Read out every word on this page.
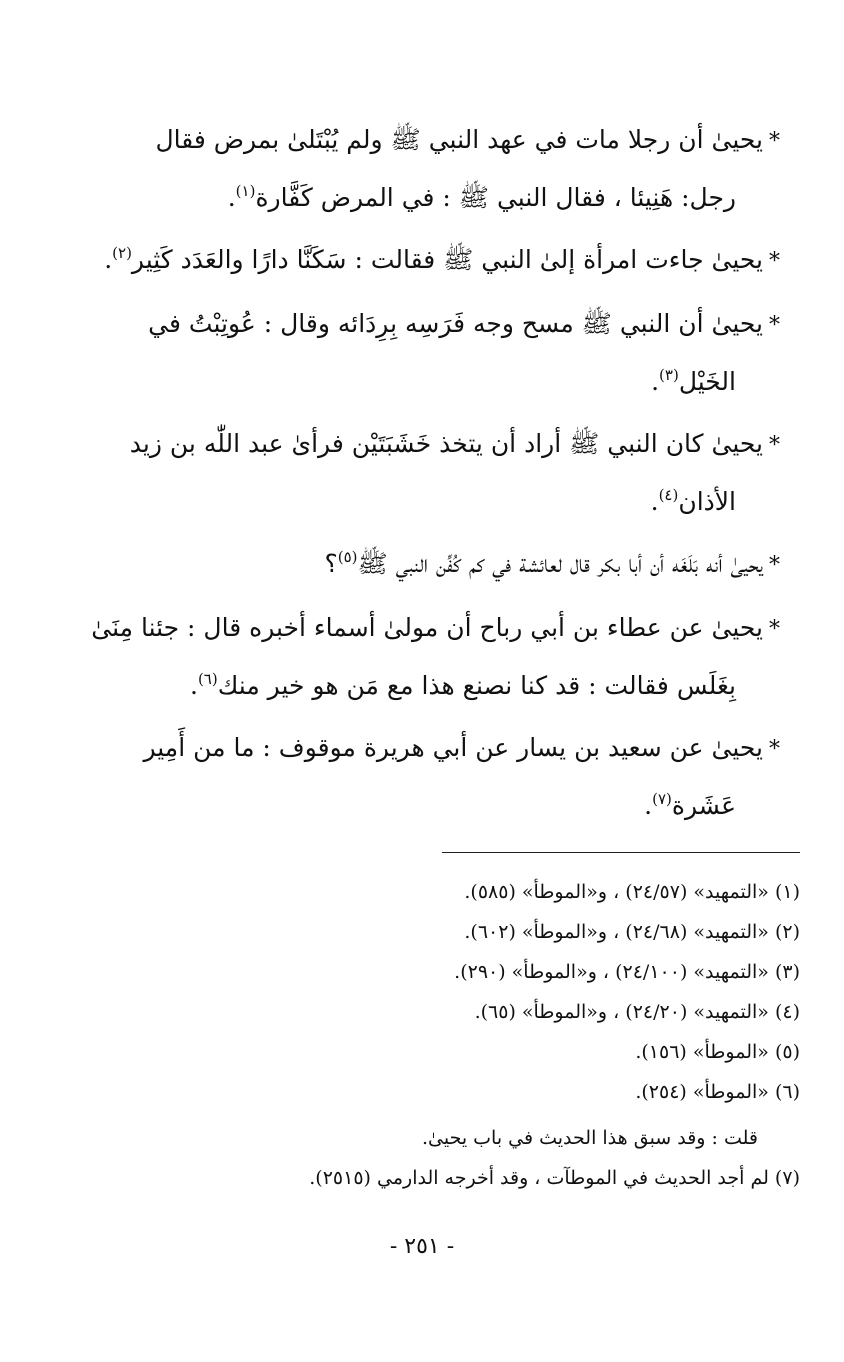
*يحيىٰ أن رجلا مات في عهد النبي ﷺ ولم يُبْتَلىٰ بمرض فقال
رجل: هَنِيئا ، فقال النبي ﷺ : في المرض كَفَّارة$^{(١)}$.

*يحيىٰ جاءت امرأة إلىٰ النبي ﷺ فقالت : سَكَنَّا دارًا والعَدَد كَثِير$^{(٢)}$.

*يحيىٰ أن النبي ﷺ مسح وجه فَرَسِه بِرِدَائه وقال : عُوتِبْتُ في
الخَيْل$^{(٣)}$.

*يحيىٰ كان النبي ﷺ أراد أن يتخذ خَشَبَتَيْن فرأىٰ عبد اللّٰه بن زيد
الأذان$^{(٤)}$.

*يحيىٰ أنه بَلَغَه أن أبا بكر قال لعائشة في كم كُفِّن النبي ﷺ$^{(٥)}$؟

*يحيىٰ عن عطاء بن أبي رباح أن مولىٰ أسماء أخبره قال : جئنا مِنَىٰ
بِغَلَس فقالت : قد كنا نصنع هذا مع مَن هو خير منك$^{(٦)}$.

*يحيىٰ عن سعيد بن يسار عن أبي هريرة موقوف : ما من أَمِير
عَشَرة$^{(٧)}$.

(١) «التمهيد» (٢٤/٥٧) ، و«الموطأ» (٥٨٥).

(٢) «التمهيد» (٢٤/٦٨) ، و«الموطأ» (٦٠٢).

(٣) «التمهيد» (٢٤/١٠٠) ، و«الموطأ» (٢٩٠).

(٤) «التمهيد» (٢٤/٢٠) ، و«الموطأ» (٦٥).

(٥) «الموطأ» (١٥٦).

(٦) «الموطأ» (٢٥٤).

قلت : وقد سبق هذا الحديث في باب يحيىٰ.

(٧) لم أجد الحديث في الموطآت ، وقد أخرجه الدارمي (٢٥١٥).

- ٢٥١ -
